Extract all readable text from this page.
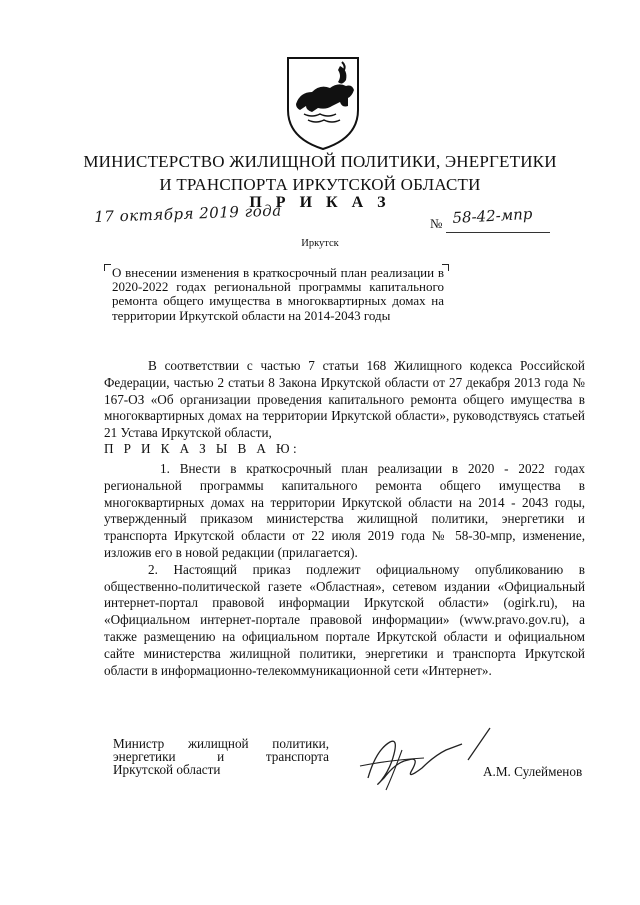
МИНИСТЕРСТВО ЖИЛИЩНОЙ ПОЛИТИКИ, ЭНЕРГЕТИКИ
И ТРАНСПОРТА ИРКУТСКОЙ ОБЛАСТИ
П Р И К А З
17 октября 2019 года	№ 58-42-мпр
Иркутск
О внесении изменения в краткосрочный план реализации в 2020-2022 годах региональной программы капитального ремонта общего имущества в многоквартирных домах на территории Иркутской области на 2014-2043 годы

В соответствии с частью 7 статьи 168 Жилищного кодекса Российской Федерации, частью 2 статьи 8 Закона Иркутской области от 27 декабря 2013 года № 167-ОЗ «Об организации проведения капитального ремонта общего имущества в многоквартирных домах на территории Иркутской области», руководствуясь статьей 21 Устава Иркутской области,

П Р И К А З Ы В А Ю:

1. Внести в краткосрочный план реализации в 2020 - 2022 годах региональной программы капитального ремонта общего имущества в многоквартирных домах на территории Иркутской области на 2014 - 2043 годы, утвержденный приказом министерства жилищной политики, энергетики и транспорта Иркутской области от 22 июля 2019 года № 58-30-мпр, изменение, изложив его в новой редакции (прилагается).

2. Настоящий приказ подлежит официальному опубликованию в общественно-политической газете «Областная», сетевом издании «Официальный интернет-портал правовой информации Иркутской области» (ogirk.ru), на «Официальном интернет-портале правовой информации» (www.pravo.gov.ru), а также размещению на официальном портале Иркутской области и официальном сайте министерства жилищной политики, энергетики и транспорта Иркутской области в информационно-телекоммуникационной сети «Интернет».

Министр жилищной политики,
энергетики и транспорта
Иркутской области	А.М. Сулейменов
